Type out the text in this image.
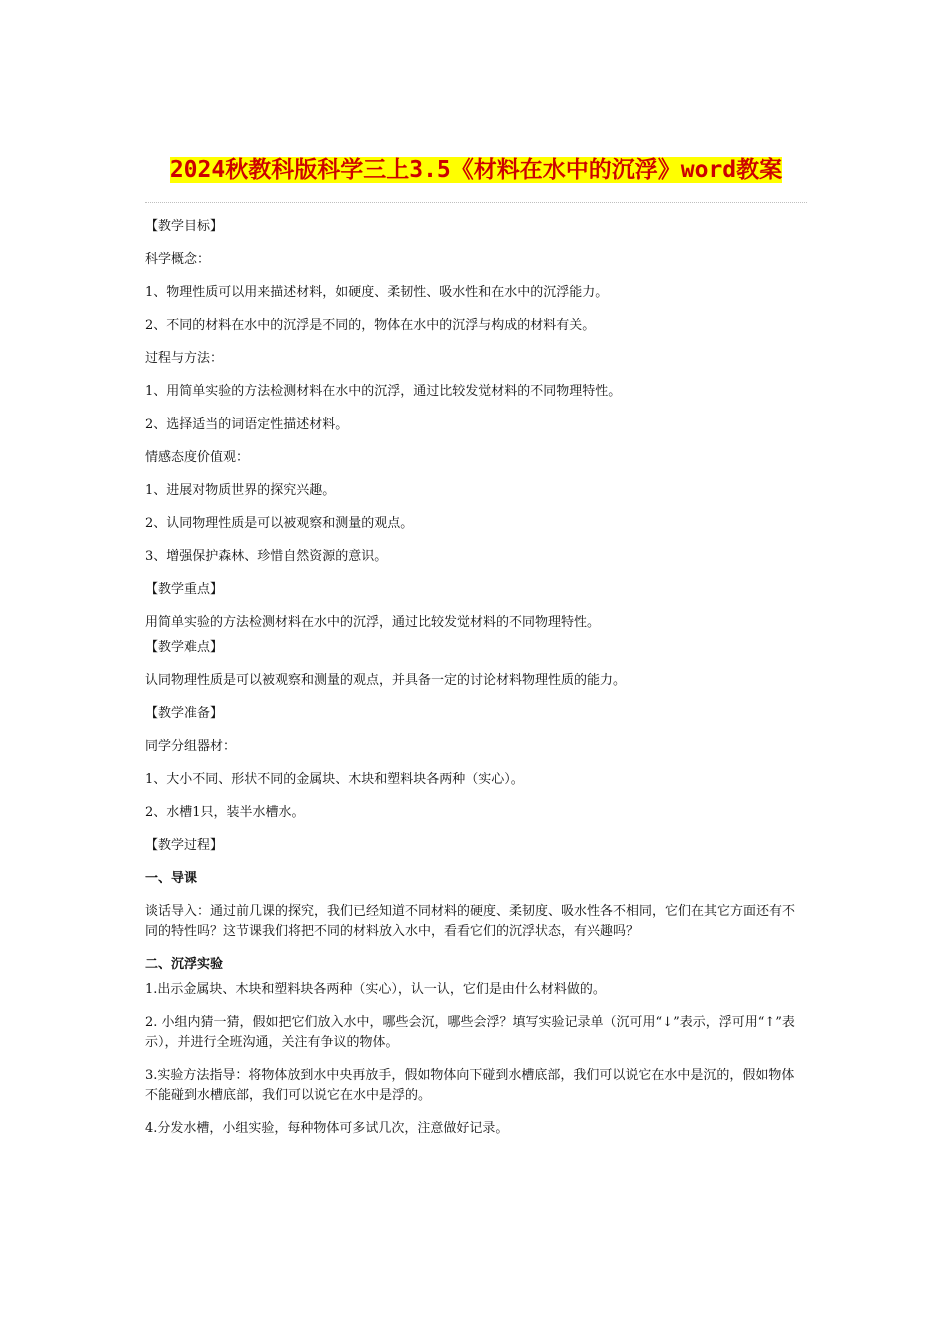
2024秋教科版科学三上3.5《材料在水中的沉浮》word教案

【教学目标】

科学概念：

1、物理性质可以用来描述材料，如硬度、柔韧性、吸水性和在水中的沉浮能力。

2、不同的材料在水中的沉浮是不同的，物体在水中的沉浮与构成的材料有关。

过程与方法：

1、用简单实验的方法检测材料在水中的沉浮，通过比较发觉材料的不同物理特性。

2、选择适当的词语定性描述材料。

情感态度价值观：

1、进展对物质世界的探究兴趣。

2、认同物理性质是可以被观察和测量的观点。

3、增强保护森林、珍惜自然资源的意识。

【教学重点】

用简单实验的方法检测材料在水中的沉浮，通过比较发觉材料的不同物理特性。

【教学难点】

认同物理性质是可以被观察和测量的观点，并具备一定的讨论材料物理性质的能力。

【教学准备】

同学分组器材：

1、大小不同、形状不同的金属块、木块和塑料块各两种（实心）。

2、水槽1只，装半水槽水。

【教学过程】

一、导课

谈话导入：通过前几课的探究，我们已经知道不同材料的硬度、柔韧度、吸水性各不相同，它们在其它方面还有不同的特性吗？这节课我们将把不同的材料放入水中，看看它们的沉浮状态，有兴趣吗？

二、沉浮实验

1.出示金属块、木块和塑料块各两种（实心），认一认，它们是由什么材料做的。

2. 小组内猜一猜，假如把它们放入水中，哪些会沉，哪些会浮？填写实验记录单（沉可用“↓”表示，浮可用“↑”表示），并进行全班沟通，关注有争议的物体。

3.实验方法指导：将物体放到水中央再放手，假如物体向下碰到水槽底部，我们可以说它在水中是沉的，假如物体不能碰到水槽底部，我们可以说它在水中是浮的。

4.分发水槽，小组实验，每种物体可多试几次，注意做好记录。
